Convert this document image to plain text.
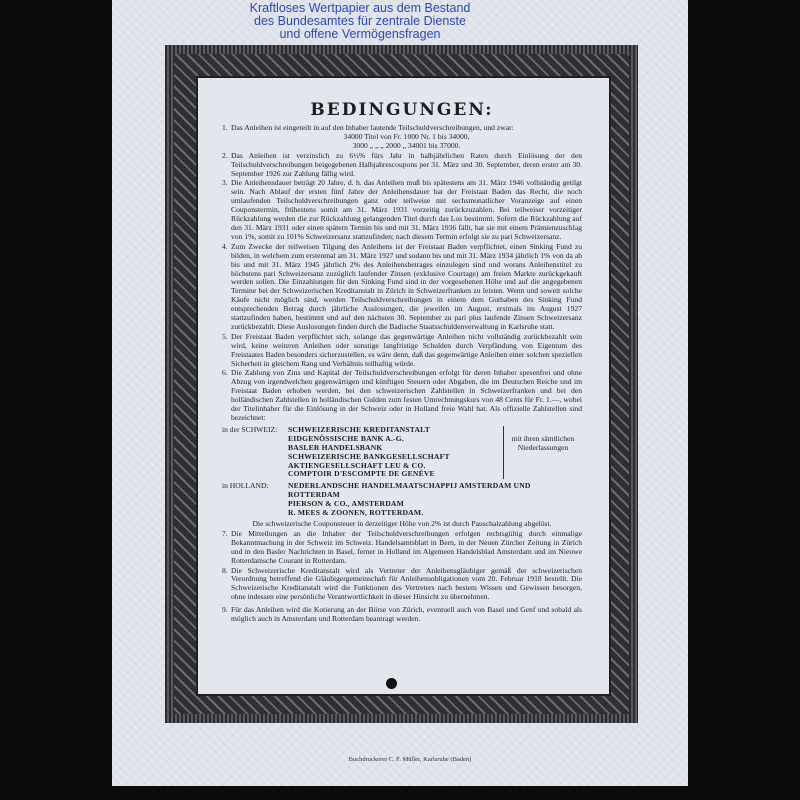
Kraftloses Wertpapier aus dem Bestand
des Bundesamtes für zentrale Dienste
und offene Vermögensfragen
BEDINGUNGEN:
1. Das Anleihen ist eingeteilt in auf den Inhaber lautende Teilschuldverschreibungen, und zwar:

34000 Titel von Fr. 1000 Nr. 1 bis 34000,
3000 „ „ „ 2000 „ 34001 bis 37000.
2. Das Anleihen ist verzinslich zu 6½% fürs Jahr in halbjährlichen Raten durch Einlösung der den Teilschuldverschreibungen beigegebenen Halbjahrescoupons per 31. März und 30. September, deren erster am 30. September 1926 zur Zahlung fällig wird.

3. Die Anleihensdauer beträgt 20 Jahre, d. h. das Anleihen muß bis spätestens am 31. März 1946 vollständig getilgt sein. Nach Ablauf der ersten fünf Jahre der Anleihensdauer hat der Freistaat Baden das Recht, die noch umlaufenden Teilschuldverschreibungen ganz oder teilweise mit sechsmonatlicher Voranzeige auf einen Couponstermin, frühestens somit am 31. März 1931 vorzeitig zurückzuzahlen. Bei teilweiser vorzeitiger Rückzahlung werden die zur Rückzahlung gelangenden Titel durch das Los bestimmt. Sofern die Rückzahlung auf den 31. März 1931 oder einen spätern Termin bis und mit 31. März 1936 fällt, hat sie mit einem Prämienzuschlag von 1%, somit zu 101% Schweizersanz stattzufinden; nach diesem Termin erfolgt sie zu pari Schweizersanz.

4. Zum Zwecke der teilweisen Tilgung des Anleihens ist der Freistaat Baden verpflichtet, einen Sinking Fund zu bilden, in welchem zum erstenmal am 31. März 1927 und sodann bis und mit 31. März 1934 jährlich 1% von da ab bis und mit 31. März 1945 jährlich 2% des Anleihensbetrages einzulegen sind und worans Anleihenstitel zu höchstens pari Schweizersanz zuzüglich laufender Zinsen (exklusive Courtage) am freien Markte zurückgekauft werden sollen. Die Einzahlungen für den Sinking Fund sind in der vorgesehenen Höhe und auf die angegebenen Termine bei der Schweizerischen Kreditanstalt in Zürich in Schweizerfranken zu leisten. Wenn und soweit solche Käufe nicht möglich sind, werden Teilschuldverschreibungen in einem dem Guthaben des Sinking Fund entsprechenden Betrag durch jährliche Auslosungen, die jeweilen im August, erstmals im August 1927 stattzufinden haben, bestimmt und auf den nächsten 30. September zu pari plus laufende Zinsen Schweizersanz zurückbezahlt. Diese Auslosungen finden durch die Badische Staatsschuldenverwaltung in Karlsruhe statt.

5. Der Freistaat Baden verpflichtet sich, solange das gegenwärtige Anleihen nicht vollständig zurückbezahlt sein wird, keine weiteren Anleihen oder sonstige langfristige Schulden durch Verpfändung von Eigentum des Freistaates Baden besonders sicherzustellen, es wäre denn, daß das gegenwärtige Anleihen einer solchen speziellen Sicherheit in gleichem Rang und Verhältnis teilhaftig würde.

6. Die Zahlung von Zins und Kapital der Teilschuldverschreibungen erfolgt für deren Inhaber spesenfrei und ohne Abzug von irgendwelchen gegenwärtigen und künftigen Steuern oder Abgaben, die im Deutschen Reiche und im Freistaat Baden erhoben werden, bei den schweizerischen Zahlstellen in Schweizerfranken und bei den holländischen Zahlstellen in holländischen Gulden zum festen Umrechnungskurs von 48 Cents für Fr. 1.—, wobei der Titelinhaber für die Einlösung in der Schweiz oder in Holland freie Wahl hat. Als offizielle Zahlstellen sind bezeichnet:

in der SCHWEIZ:	SCHWEIZERISCHE KREDITANSTALT
EIDGENÖSSISCHE BANK A.-G.
BASLER HANDELSBANK
SCHWEIZERISCHE BANKGESELLSCHAFT
AKTIENGESELLSCHAFT LEU & CO.
COMPTOIR D'ESCOMPTE DE GENÈVE
mit ihren sämtlichen Niederlassungen
in HOLLAND:	NEDERLANDSCHE HANDELMAATSCHAPPIJ AMSTERDAM UND ROTTERDAM
PIERSON & CO., AMSTERDAM
R. MEES & ZOONEN, ROTTERDAM.
Die schweizerische Couponsteuer in derzeitiger Höhe von 2% ist durch Pauschalzahlung abgelöst.
7. Die Mitteilungen an die Inhaber der Teilschuldverschreibungen erfolgen rechtsgültig durch einmalige Bekanntmachung in der Schweiz im Schweiz. Handelsamtsblatt in Bern, in der Neuen Zürcher Zeitung in Zürich und in den Basler Nachrichten in Basel, ferner in Holland im Algemeen Handelsblad Amsterdam und im Nieuwe Rotterdamsche Courant in Rotterdam.

8. Die Schweizerische Kreditanstalt wird als Vertreter der Anleihensgläubiger gemäß der schweizerischen Verordnung betreffend die Gläubigergemeinschaft für Anleihensobligationen vom 20. Februar 1918 bestellt. Die Schweizerische Kreditanstalt wird die Funktionen des Vertreters nach bestem Wissen und Gewissen besorgen, ohne indessen eine persönliche Verantwortlichkeit in dieser Hinsicht zu übernehmen.

9. Für das Anleihen wird die Kotierung an der Börse von Zürich, eventuell auch von Basel und Genf und sobald als möglich auch in Amsterdam und Rotterdam beantragt werden.

Buchdruckerei C. F. Müller, Karlsruhe (Baden)
